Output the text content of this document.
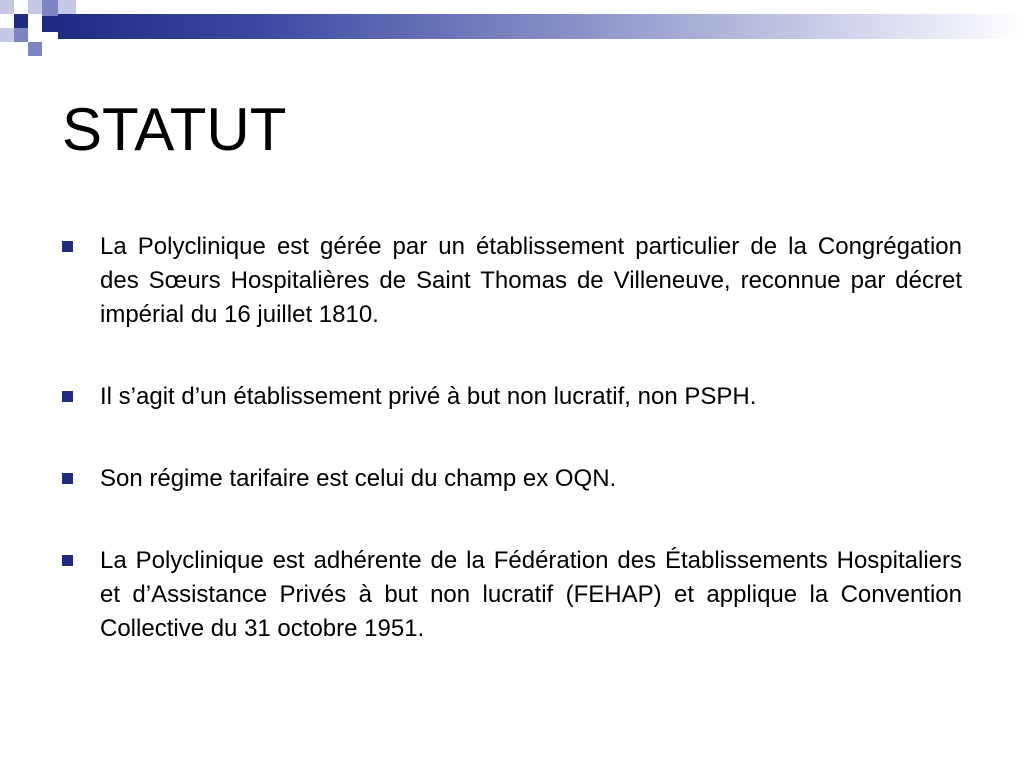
STATUT
La Polyclinique est gérée par un établissement particulier de la Congrégation des Sœurs Hospitalières de Saint Thomas de Villeneuve, reconnue par décret impérial du 16 juillet 1810.
Il s’agit d’un établissement privé à but non lucratif, non PSPH.
Son régime tarifaire est celui du champ ex OQN.
La Polyclinique est adhérente de la Fédération des Établissements Hospitaliers et d’Assistance Privés à but non lucratif (FEHAP) et applique la Convention Collective du 31 octobre 1951.
